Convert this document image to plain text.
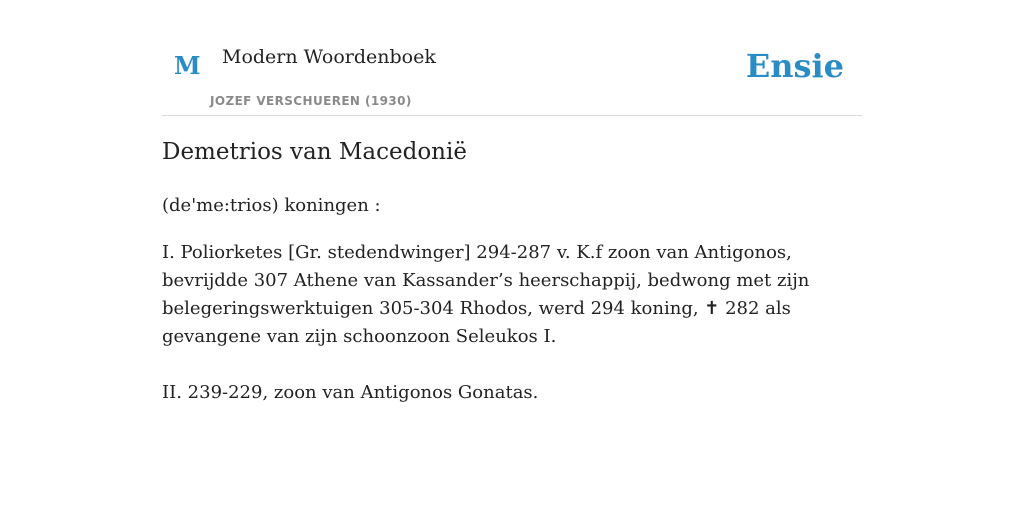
M Modern Woordenboek
JOZEF VERSCHUEREN (1930)
Ensie
Demetrios van Macedonië

(de'me:trios) koningen :

I. Poliorketes [Gr. stedendwinger] 294-287 v. K.f zoon van Antigonos, bevrijdde 307 Athene van Kassander’s heerschappij, bedwong met zijn belegeringswerktuigen 305-304 Rhodos, werd 294 koning, ✝ 282 als gevangene van zijn schoonzoon Seleukos I.

II. 239-229, zoon van Antigonos Gonatas.
